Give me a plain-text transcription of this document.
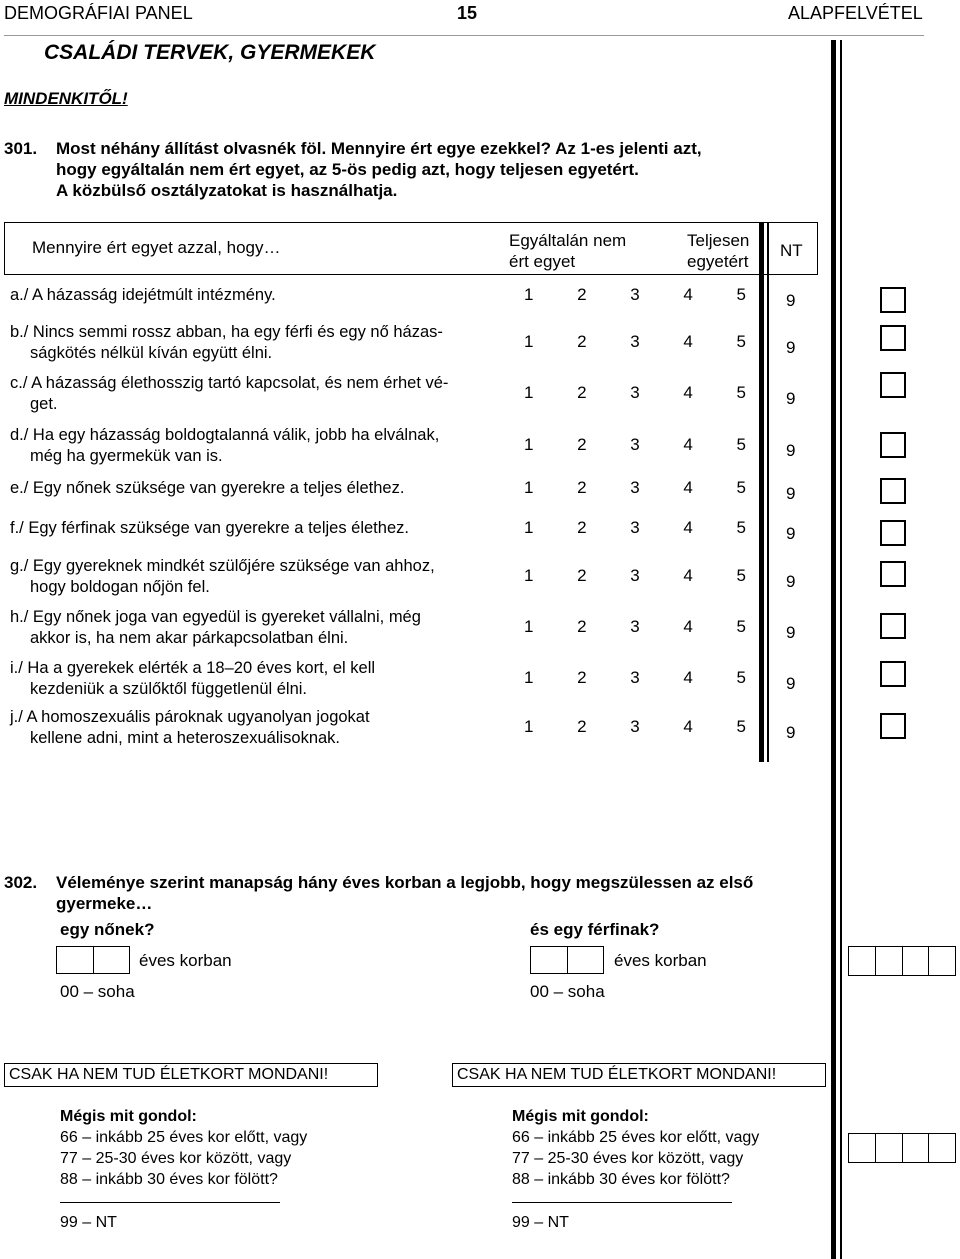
DEMOGRÁFIAI PANEL	15	ALAPFELVÉTEL
CSALÁDI TERVEK, GYERMEKEK
MINDENKITŐL!
301. Most néhány állítást olvasnék föl. Mennyire ért egye ezekkel? Az 1-es jelenti azt,
hogy egyáltalán nem ért egyet, az 5-ös pedig azt, hogy teljesen egyetért.
A közbülső osztályzatokat is használhatja.
Mennyire ért egyet azzal, hogy…	Egyáltalán nem
ért egyet
Teljesen
egyetért
NT
a./ A házasság idejétmúlt intézmény.	1	2	3	4	5 9
b./ Nincs semmi rossz abban, ha egy férfi és egy nő házas-
ságkötés nélkül kíván együtt élni.
1	2	3	4	5 9
c./ A házasság élethosszig tartó kapcsolat, és nem érhet vé-
get.
1	2	3	4	5 9
d./ Ha egy házasság boldogtalanná válik, jobb ha elválnak,
még ha gyermekük van is.
1	2	3	4	5 9
e./ Egy nőnek szüksége van gyerekre a teljes élethez.	1	2	3	4	5 9
f./ Egy férfinak szüksége van gyerekre a teljes élethez.	1	2	3	4	5 9
g./ Egy gyereknek mindkét szülőjére szüksége van ahhoz,
hogy boldogan nőjön fel.
1	2	3	4	5 9
h./ Egy nőnek joga van egyedül is gyereket vállalni, még
akkor is, ha nem akar párkapcsolatban élni.
1	2	3	4	5 9
i./ Ha a gyerekek elérték a 18–20 éves kort, el kell
kezdeniük a szülőktől függetlenül élni.
1	2	3	4	5 9
j./ A homoszexuális pároknak ugyanolyan jogokat
kellene adni, mint a heteroszexuálisoknak.
1	2	3	4	5 9
302. Véleménye szerint manapság hány éves korban a legjobb, hogy megszülessen az első
gyermeke…
egy nőnek?
éves korban
00 – soha
és egy férfinak?
éves korban
00 – soha
CSAK HA NEM TUD ÉLETKORT MONDANI!	CSAK HA NEM TUD ÉLETKORT MONDANI!
Mégis mit gondol:
66 – inkább 25 éves kor előtt, vagy
77 – 25-30 éves kor között, vagy
88 – inkább 30 éves kor fölött?
99 – NT
Mégis mit gondol:
66 – inkább 25 éves kor előtt, vagy
77 – 25-30 éves kor között, vagy
88 – inkább 30 éves kor fölött?
99 – NT
